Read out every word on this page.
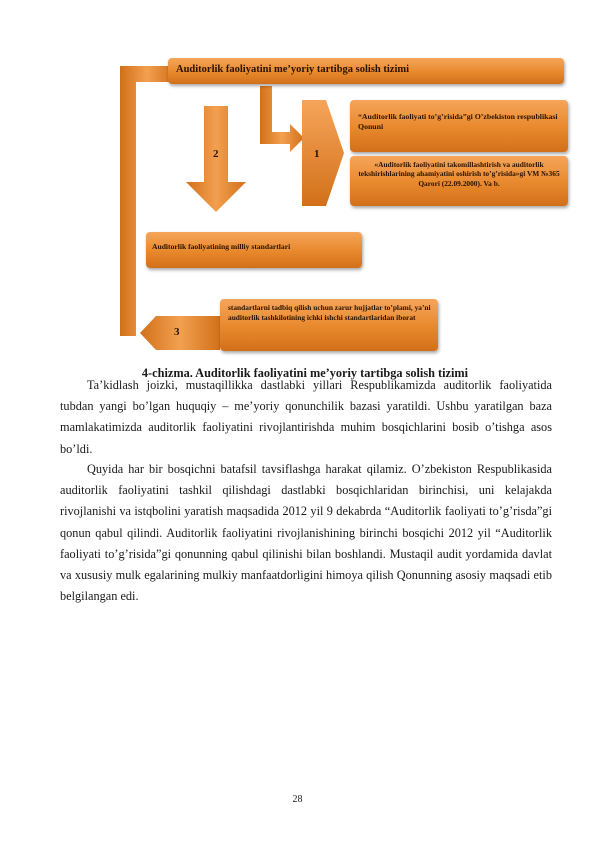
Auditorlik faoliyatini me’yoriy tartibga solish tizimi
“Auditorlik faoliyati to’g’risida”gi O’zbekiston respublikasi Qonuni
«Auditorlik faoliyatini takomillashtirish va auditorlik tekshirishlarining ahamiyatini oshirish to’g’risida»gi VM №365 Qarori (22.09.2000). Va b.
Auditorlik faoliyatining milliy standartlari
standartlarni tadbiq qilish uchun zarur hujjatlar to’plami, ya’ni auditorlik tashkilotining ichki ishchi standartlaridan iborat
2	1
3
4-chizma. Auditorlik faoliyatini me’yoriy tartibga solish tizimi

Ta’kidlash joizki, mustaqillikka dastlabki yillari Respublikamizda auditorlik faoliyatida tubdan yangi bo’lgan huquqiy – me’yoriy qonunchilik bazasi yaratildi. Ushbu yaratilgan baza mamlakatimizda auditorlik faoliyatini rivojlantirishda muhim bosqichlarini bosib o’tishga asos bo’ldi.

Quyida har bir bosqichni batafsil tavsiflashga harakat qilamiz. O’zbekiston Respublikasida auditorlik faoliyatini tashkil qilishdagi dastlabki bosqichlaridan birinchisi, uni kelajakda rivojlanishi va istqbolini yaratish maqsadida 2012 yil 9 dekabrda “Auditorlik faoliyati to’g’risda”gi qonun qabul qilindi. Auditorlik faoliyatini rivojlanishining birinchi bosqichi 2012 yil “Auditorlik faoliyati to’g’risida”gi qonunning qabul qilinishi bilan boshlandi. Mustaqil audit yordamida davlat va xususiy mulk egalarining mulkiy manfaatdorligini himoya qilish Qonunning asosiy maqsadi etib belgilangan edi.

28
